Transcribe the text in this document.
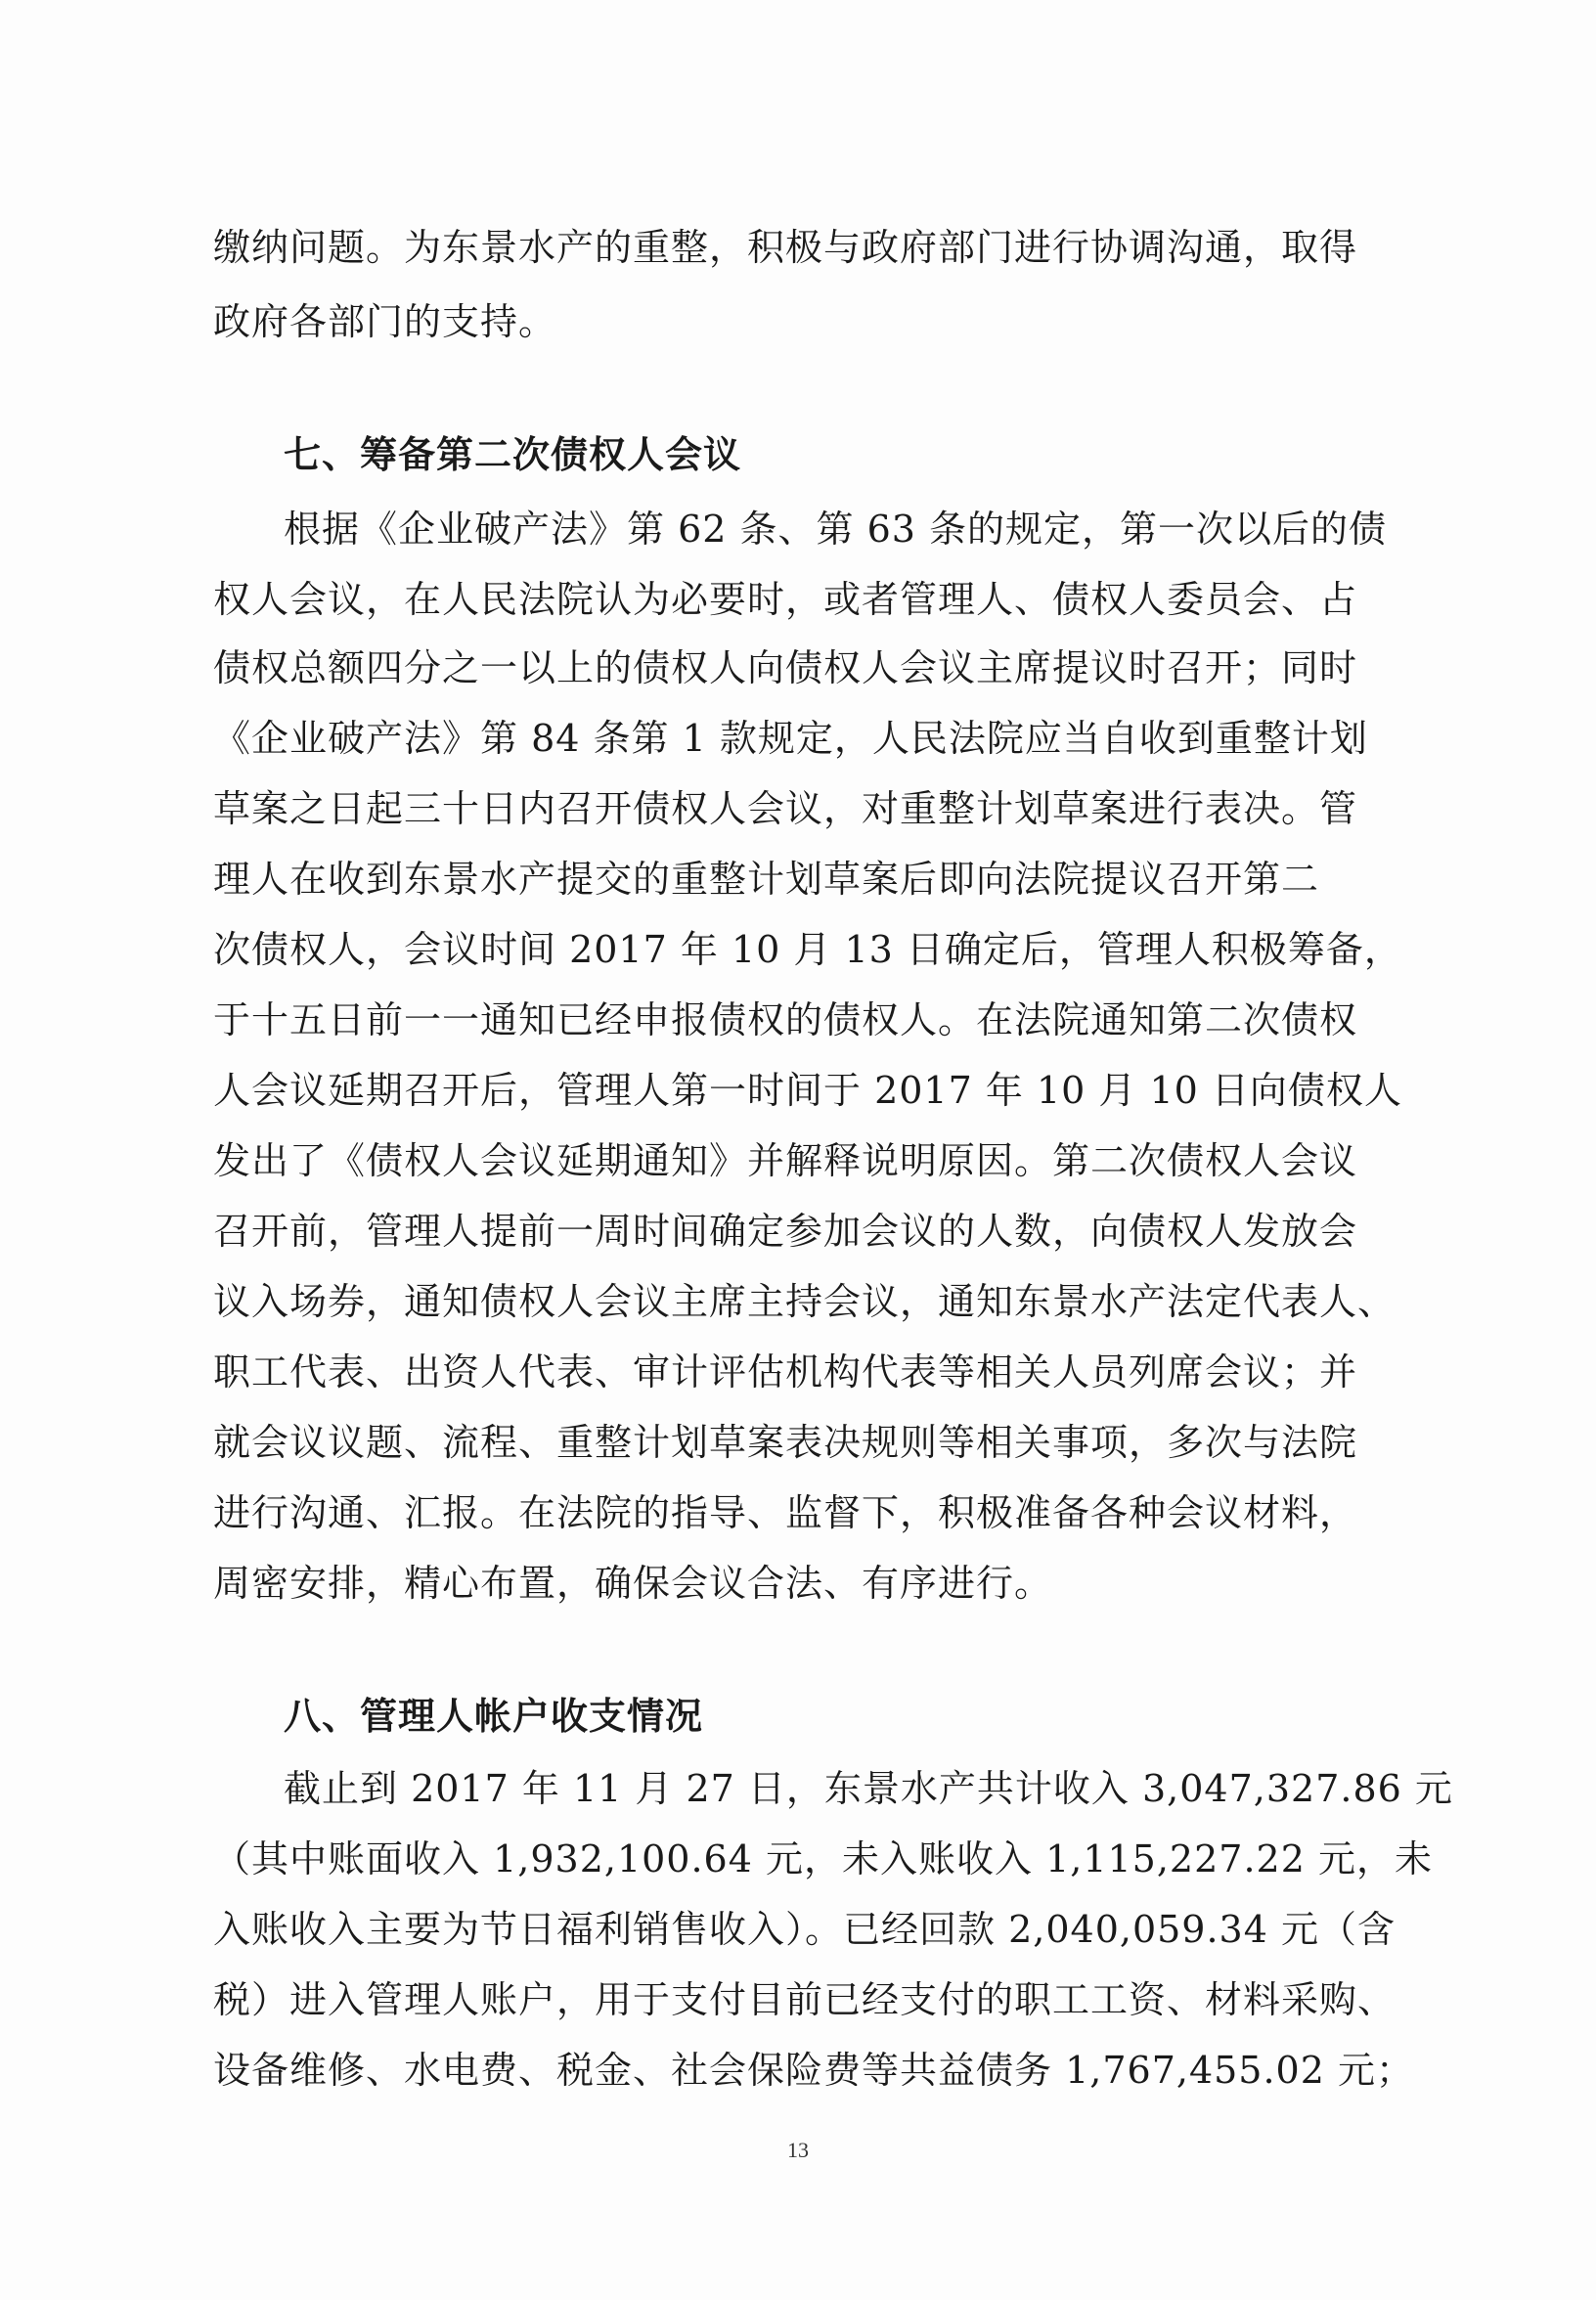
缴纳问题。为东景水产的重整，积极与政府部门进行协调沟通，取得
政府各部门的支持。
七、筹备第二次债权人会议
根据《企业破产法》第 62 条、第 63 条的规定，第一次以后的债
权人会议，在人民法院认为必要时，或者管理人、债权人委员会、占
债权总额四分之一以上的债权人向债权人会议主席提议时召开；同时
《企业破产法》第 84 条第 1 款规定，人民法院应当自收到重整计划
草案之日起三十日内召开债权人会议，对重整计划草案进行表决。管
理人在收到东景水产提交的重整计划草案后即向法院提议召开第二
次债权人，会议时间 2017 年 10 月 13 日确定后，管理人积极筹备，
于十五日前一一通知已经申报债权的债权人。在法院通知第二次债权
人会议延期召开后，管理人第一时间于 2017 年 10 月 10 日向债权人
发出了《债权人会议延期通知》并解释说明原因。第二次债权人会议
召开前，管理人提前一周时间确定参加会议的人数，向债权人发放会
议入场券，通知债权人会议主席主持会议，通知东景水产法定代表人、
职工代表、出资人代表、审计评估机构代表等相关人员列席会议；并
就会议议题、流程、重整计划草案表决规则等相关事项，多次与法院
进行沟通、汇报。在法院的指导、监督下，积极准备各种会议材料，
周密安排，精心布置，确保会议合法、有序进行。
八、管理人帐户收支情况
截止到 2017 年 11 月 27 日，东景水产共计收入 3,047,327.86 元
（其中账面收入 1,932,100.64 元，未入账收入 1,115,227.22 元，未
入账收入主要为节日福利销售收入）。已经回款 2,040,059.34 元（含
税）进入管理人账户，用于支付目前已经支付的职工工资、材料采购、
设备维修、水电费、税金、社会保险费等共益债务 1,767,455.02 元；
13
